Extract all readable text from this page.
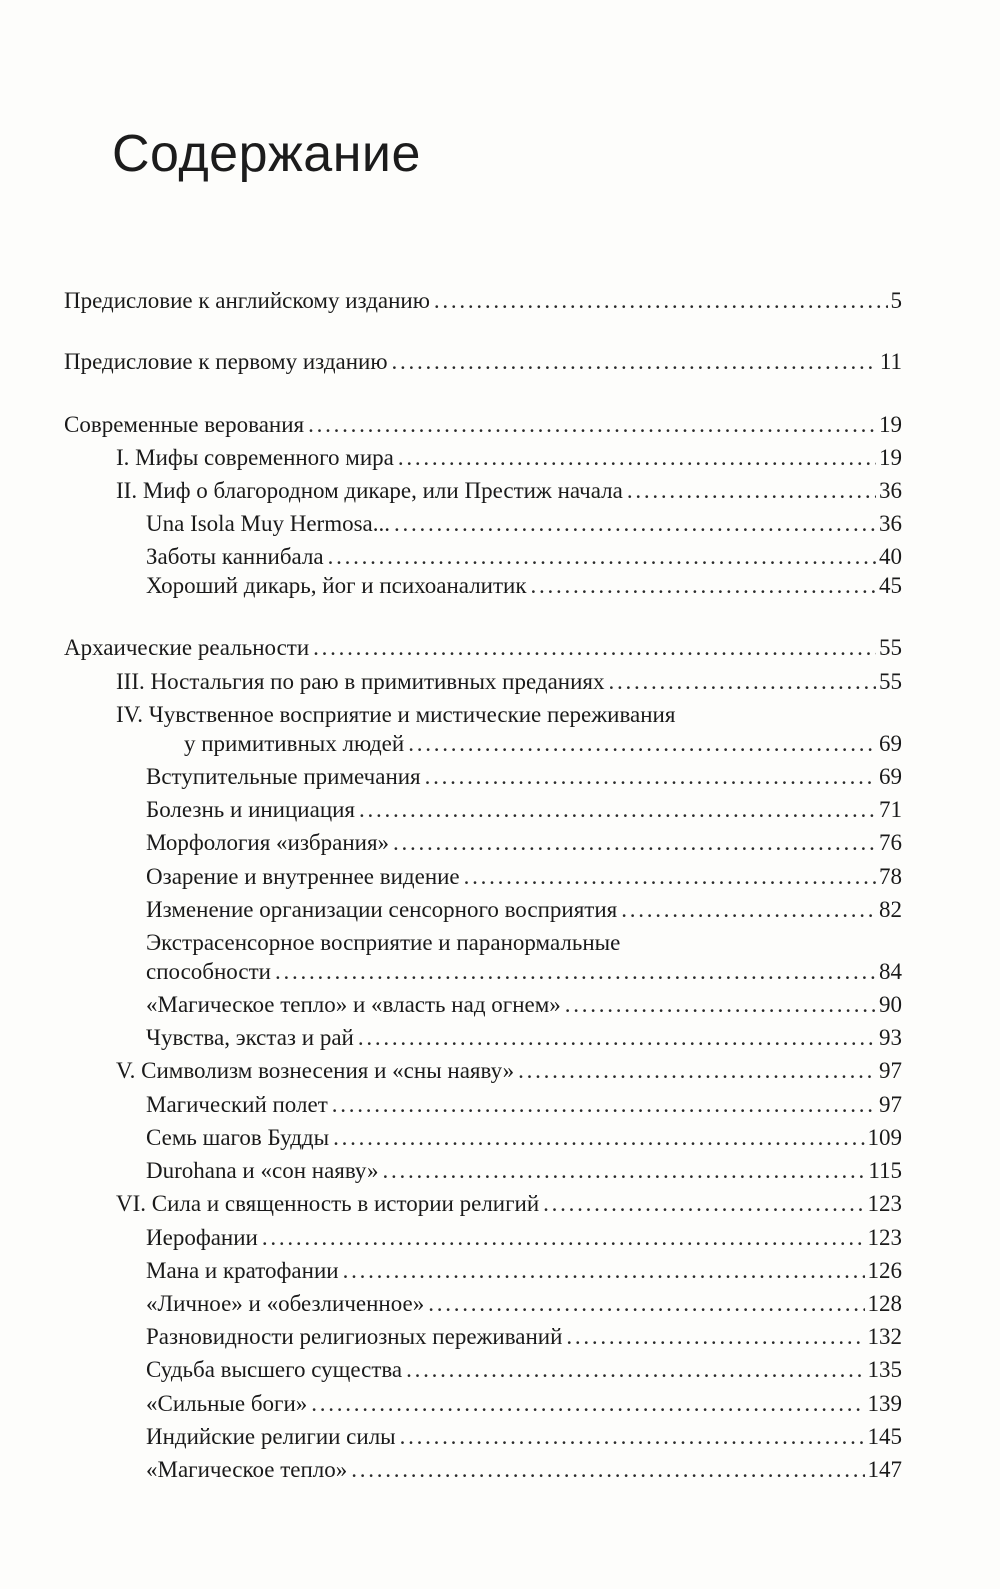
Содержание
Предисловие к английскому изданию . . .	5
Предисловие к первому изданию . . .	11
Современные верования . . .	19
I. Мифы современного мира . . .	19
II. Миф о благородном дикаре, или Престиж начала . . .	36
Una Isola Muy Hermosa... . . .	36
Заботы каннибала . . .	40
Хороший дикарь, йог и психоаналитик . . .	45
Архаические реальности . . .	55
III. Ностальгия по раю в примитивных преданиях . . .	55
IV. Чувственное восприятие и мистические переживания
у примитивных людей . . .	69
Вступительные примечания . . .	69
Болезнь и инициация . . .	71
Морфология «избрания» . . .	76
Озарение и внутреннее видение . . .	78
Изменение организации сенсорного восприятия . . .	82
Экстрасенсорное восприятие и паранормальные
способности . . .	84
«Магическое тепло» и «власть над огнем» . . .	90
Чувства, экстаз и рай . . .	93
V. Символизм вознесения и «сны наяву» . . .	97
Магический полет . . .	97
Семь шагов Будды . . .	109
Durohana и «сон наяву» . . .	115
VI. Сила и священность в истории религий . . .	123
Иерофании . . .	123
Мана и кратофании . . .	126
«Личное» и «обезличенное» . . .	128
Разновидности религиозных переживаний . . .	132
Судьба высшего существа . . .	135
«Сильные боги» . . .	139
Индийские религии силы . . .	145
«Магическое тепло» . . .	147
